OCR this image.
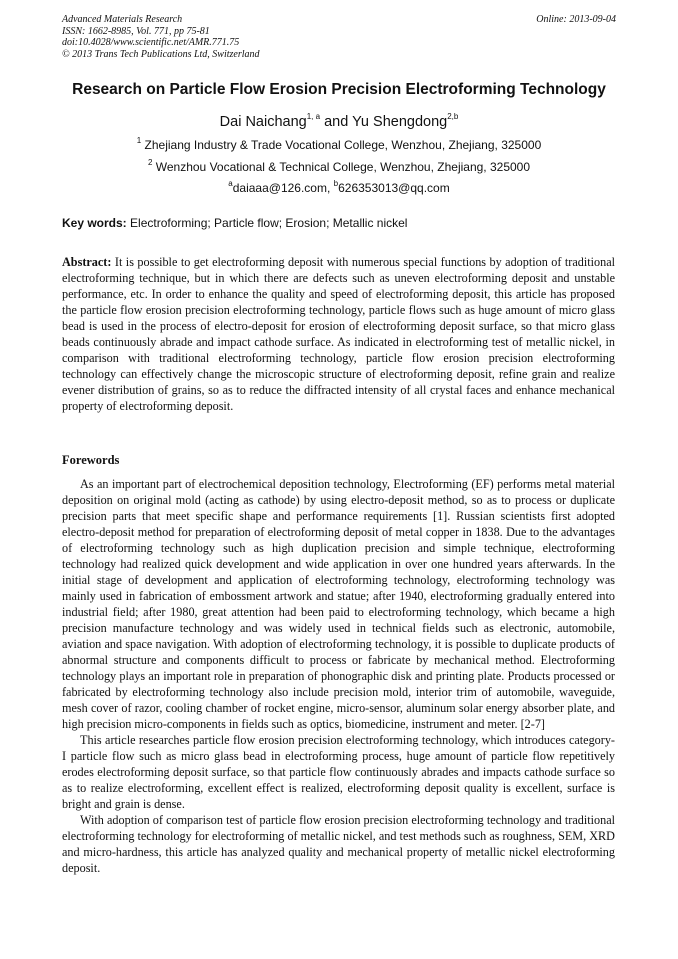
Advanced Materials Research
ISSN: 1662-8985, Vol. 771, pp 75-81
doi:10.4028/www.scientific.net/AMR.771.75
© 2013 Trans Tech Publications Ltd, Switzerland
Online: 2013-09-04
Research on Particle Flow Erosion Precision Electroforming Technology
Dai Naichang$^{1, a}$ and Yu Shengdong$^{2,b}$
$^1$ Zhejiang Industry & Trade Vocational College, Wenzhou, Zhejiang, 325000
$^2$ Wenzhou Vocational & Technical College, Wenzhou, Zhejiang, 325000
$^a$daiaaa@126.com, $^b$626353013@qq.com
Key words: Electroforming; Particle flow; Erosion; Metallic nickel
Abstract: It is possible to get electroforming deposit with numerous special functions by adoption of traditional electroforming technique, but in which there are defects such as uneven electroforming deposit and unstable performance, etc. In order to enhance the quality and speed of electroforming deposit, this article has proposed the particle flow erosion precision electroforming technology, particle flows such as huge amount of micro glass bead is used in the process of electro-deposit for erosion of electroforming deposit surface, so that micro glass beads continuously abrade and impact cathode surface. As indicated in electroforming test of metallic nickel, in comparison with traditional electroforming technology, particle flow erosion precision electroforming technology can effectively change the microscopic structure of electroforming deposit, refine grain and realize evener distribution of grains, so as to reduce the diffracted intensity of all crystal faces and enhance mechanical property of electroforming deposit.
Forewords
As an important part of electrochemical deposition technology, Electroforming (EF) performs metal material deposition on original mold (acting as cathode) by using electro-deposit method, so as to process or duplicate precision parts that meet specific shape and performance requirements [1]. Russian scientists first adopted electro-deposit method for preparation of electroforming deposit of metal copper in 1838. Due to the advantages of electroforming technology such as high duplication precision and simple technique, electroforming technology had realized quick development and wide application in over one hundred years afterwards. In the initial stage of development and application of electroforming technology, electroforming technology was mainly used in fabrication of embossment artwork and statue; after 1940, electroforming gradually entered into industrial field; after 1980, great attention had been paid to electroforming technology, which became a high precision manufacture technology and was widely used in technical fields such as electronic, automobile, aviation and space navigation. With adoption of electroforming technology, it is possible to duplicate products of abnormal structure and components difficult to process or fabricate by mechanical method. Electroforming technology plays an important role in preparation of phonographic disk and printing plate. Products processed or fabricated by electroforming technology also include precision mold, interior trim of automobile, waveguide, mesh cover of razor, cooling chamber of rocket engine, micro-sensor, aluminum solar energy absorber plate, and high precision micro-components in fields such as optics, biomedicine, instrument and meter. [2-7]
This article researches particle flow erosion precision electroforming technology, which introduces category-I particle flow such as micro glass bead in electroforming process, huge amount of particle flow repetitively erodes electroforming deposit surface, so that particle flow continuously abrades and impacts cathode surface so as to realize electroforming, excellent effect is realized, electroforming deposit quality is excellent, surface is bright and grain is dense.
With adoption of comparison test of particle flow erosion precision electroforming technology and traditional electroforming technology for electroforming of metallic nickel, and test methods such as roughness, SEM, XRD and micro-hardness, this article has analyzed quality and mechanical property of metallic nickel electroforming deposit.
